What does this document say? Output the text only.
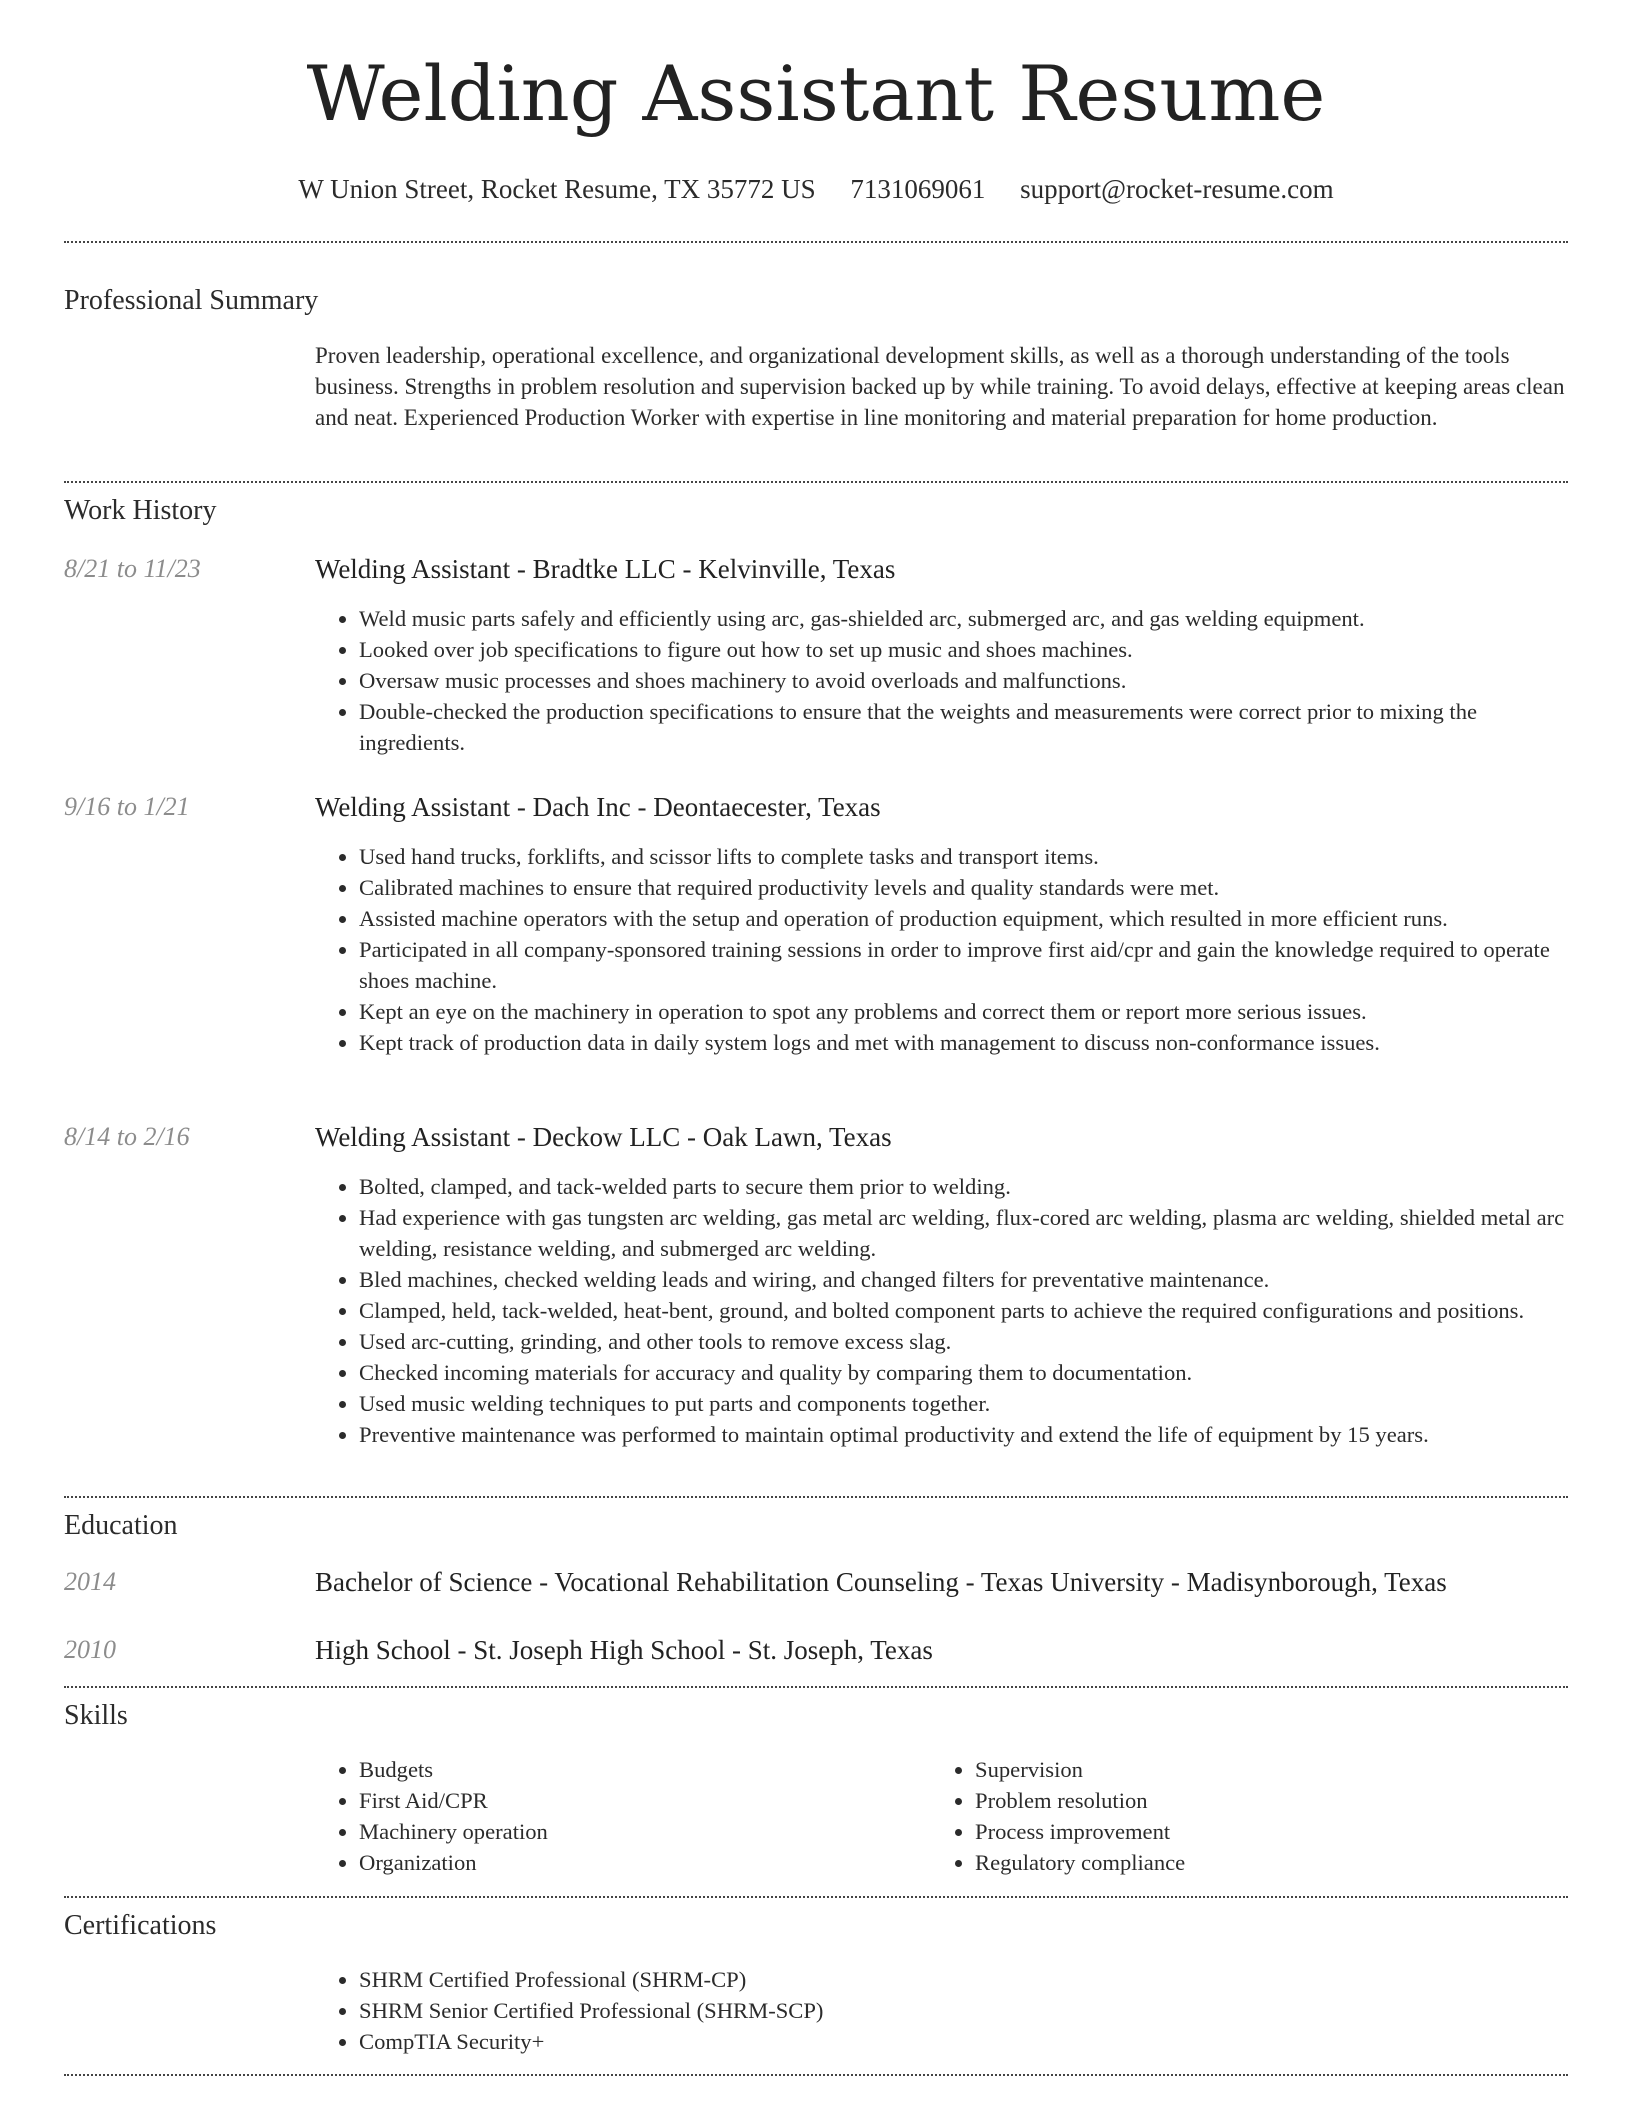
Welding Assistant Resume
W Union Street, Rocket Resume, TX 35772 US 7131069061 support@rocket-resume.com
Professional Summary
Proven leadership, operational excellence, and organizational development skills, as well as a thorough understanding of the tools business. Strengths in problem resolution and supervision backed up by while training. To avoid delays, effective at keeping areas clean and neat. Experienced Production Worker with expertise in line monitoring and material preparation for home production.
Work History
8/21 to 11/23	Welding Assistant - Bradtke LLC - Kelvinville, Texas
• Weld music parts safely and efficiently using arc, gas-shielded arc, submerged arc, and gas welding equipment.
• Looked over job specifications to figure out how to set up music and shoes machines.
• Oversaw music processes and shoes machinery to avoid overloads and malfunctions.
• Double-checked the production specifications to ensure that the weights and measurements were correct prior to mixing the ingredients.
9/16 to 1/21	Welding Assistant - Dach Inc - Deontaecester, Texas
• Used hand trucks, forklifts, and scissor lifts to complete tasks and transport items.
• Calibrated machines to ensure that required productivity levels and quality standards were met.
• Assisted machine operators with the setup and operation of production equipment, which resulted in more efficient runs.
• Participated in all company-sponsored training sessions in order to improve first aid/cpr and gain the knowledge required to operate shoes machine.
• Kept an eye on the machinery in operation to spot any problems and correct them or report more serious issues.
• Kept track of production data in daily system logs and met with management to discuss non-conformance issues.
8/14 to 2/16	Welding Assistant - Deckow LLC - Oak Lawn, Texas
• Bolted, clamped, and tack-welded parts to secure them prior to welding.
• Had experience with gas tungsten arc welding, gas metal arc welding, flux-cored arc welding, plasma arc welding, shielded metal arc welding, resistance welding, and submerged arc welding.
• Bled machines, checked welding leads and wiring, and changed filters for preventative maintenance.
• Clamped, held, tack-welded, heat-bent, ground, and bolted component parts to achieve the required configurations and positions.
• Used arc-cutting, grinding, and other tools to remove excess slag.
• Checked incoming materials for accuracy and quality by comparing them to documentation.
• Used music welding techniques to put parts and components together.
• Preventive maintenance was performed to maintain optimal productivity and extend the life of equipment by 15 years.
Education
2014	Bachelor of Science - Vocational Rehabilitation Counseling - Texas University - Madisynborough, Texas
2010	High School - St. Joseph High School - St. Joseph, Texas
Skills
• Budgets
• First Aid/CPR
• Machinery operation
• Organization
• Supervision
• Problem resolution
• Process improvement
• Regulatory compliance
Certifications
• SHRM Certified Professional (SHRM-CP)
• SHRM Senior Certified Professional (SHRM-SCP)
• CompTIA Security+
